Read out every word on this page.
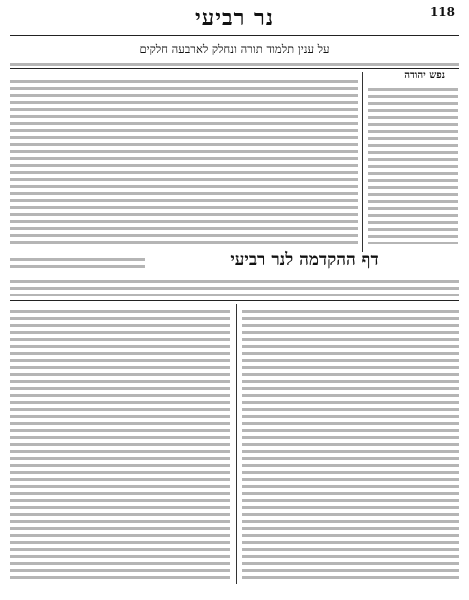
118
נר רביעי
על ענין תלמוד תורה ונחלק לארבעה חלקים
נפש יהודה
דף ההקדמה לנר רביעי
